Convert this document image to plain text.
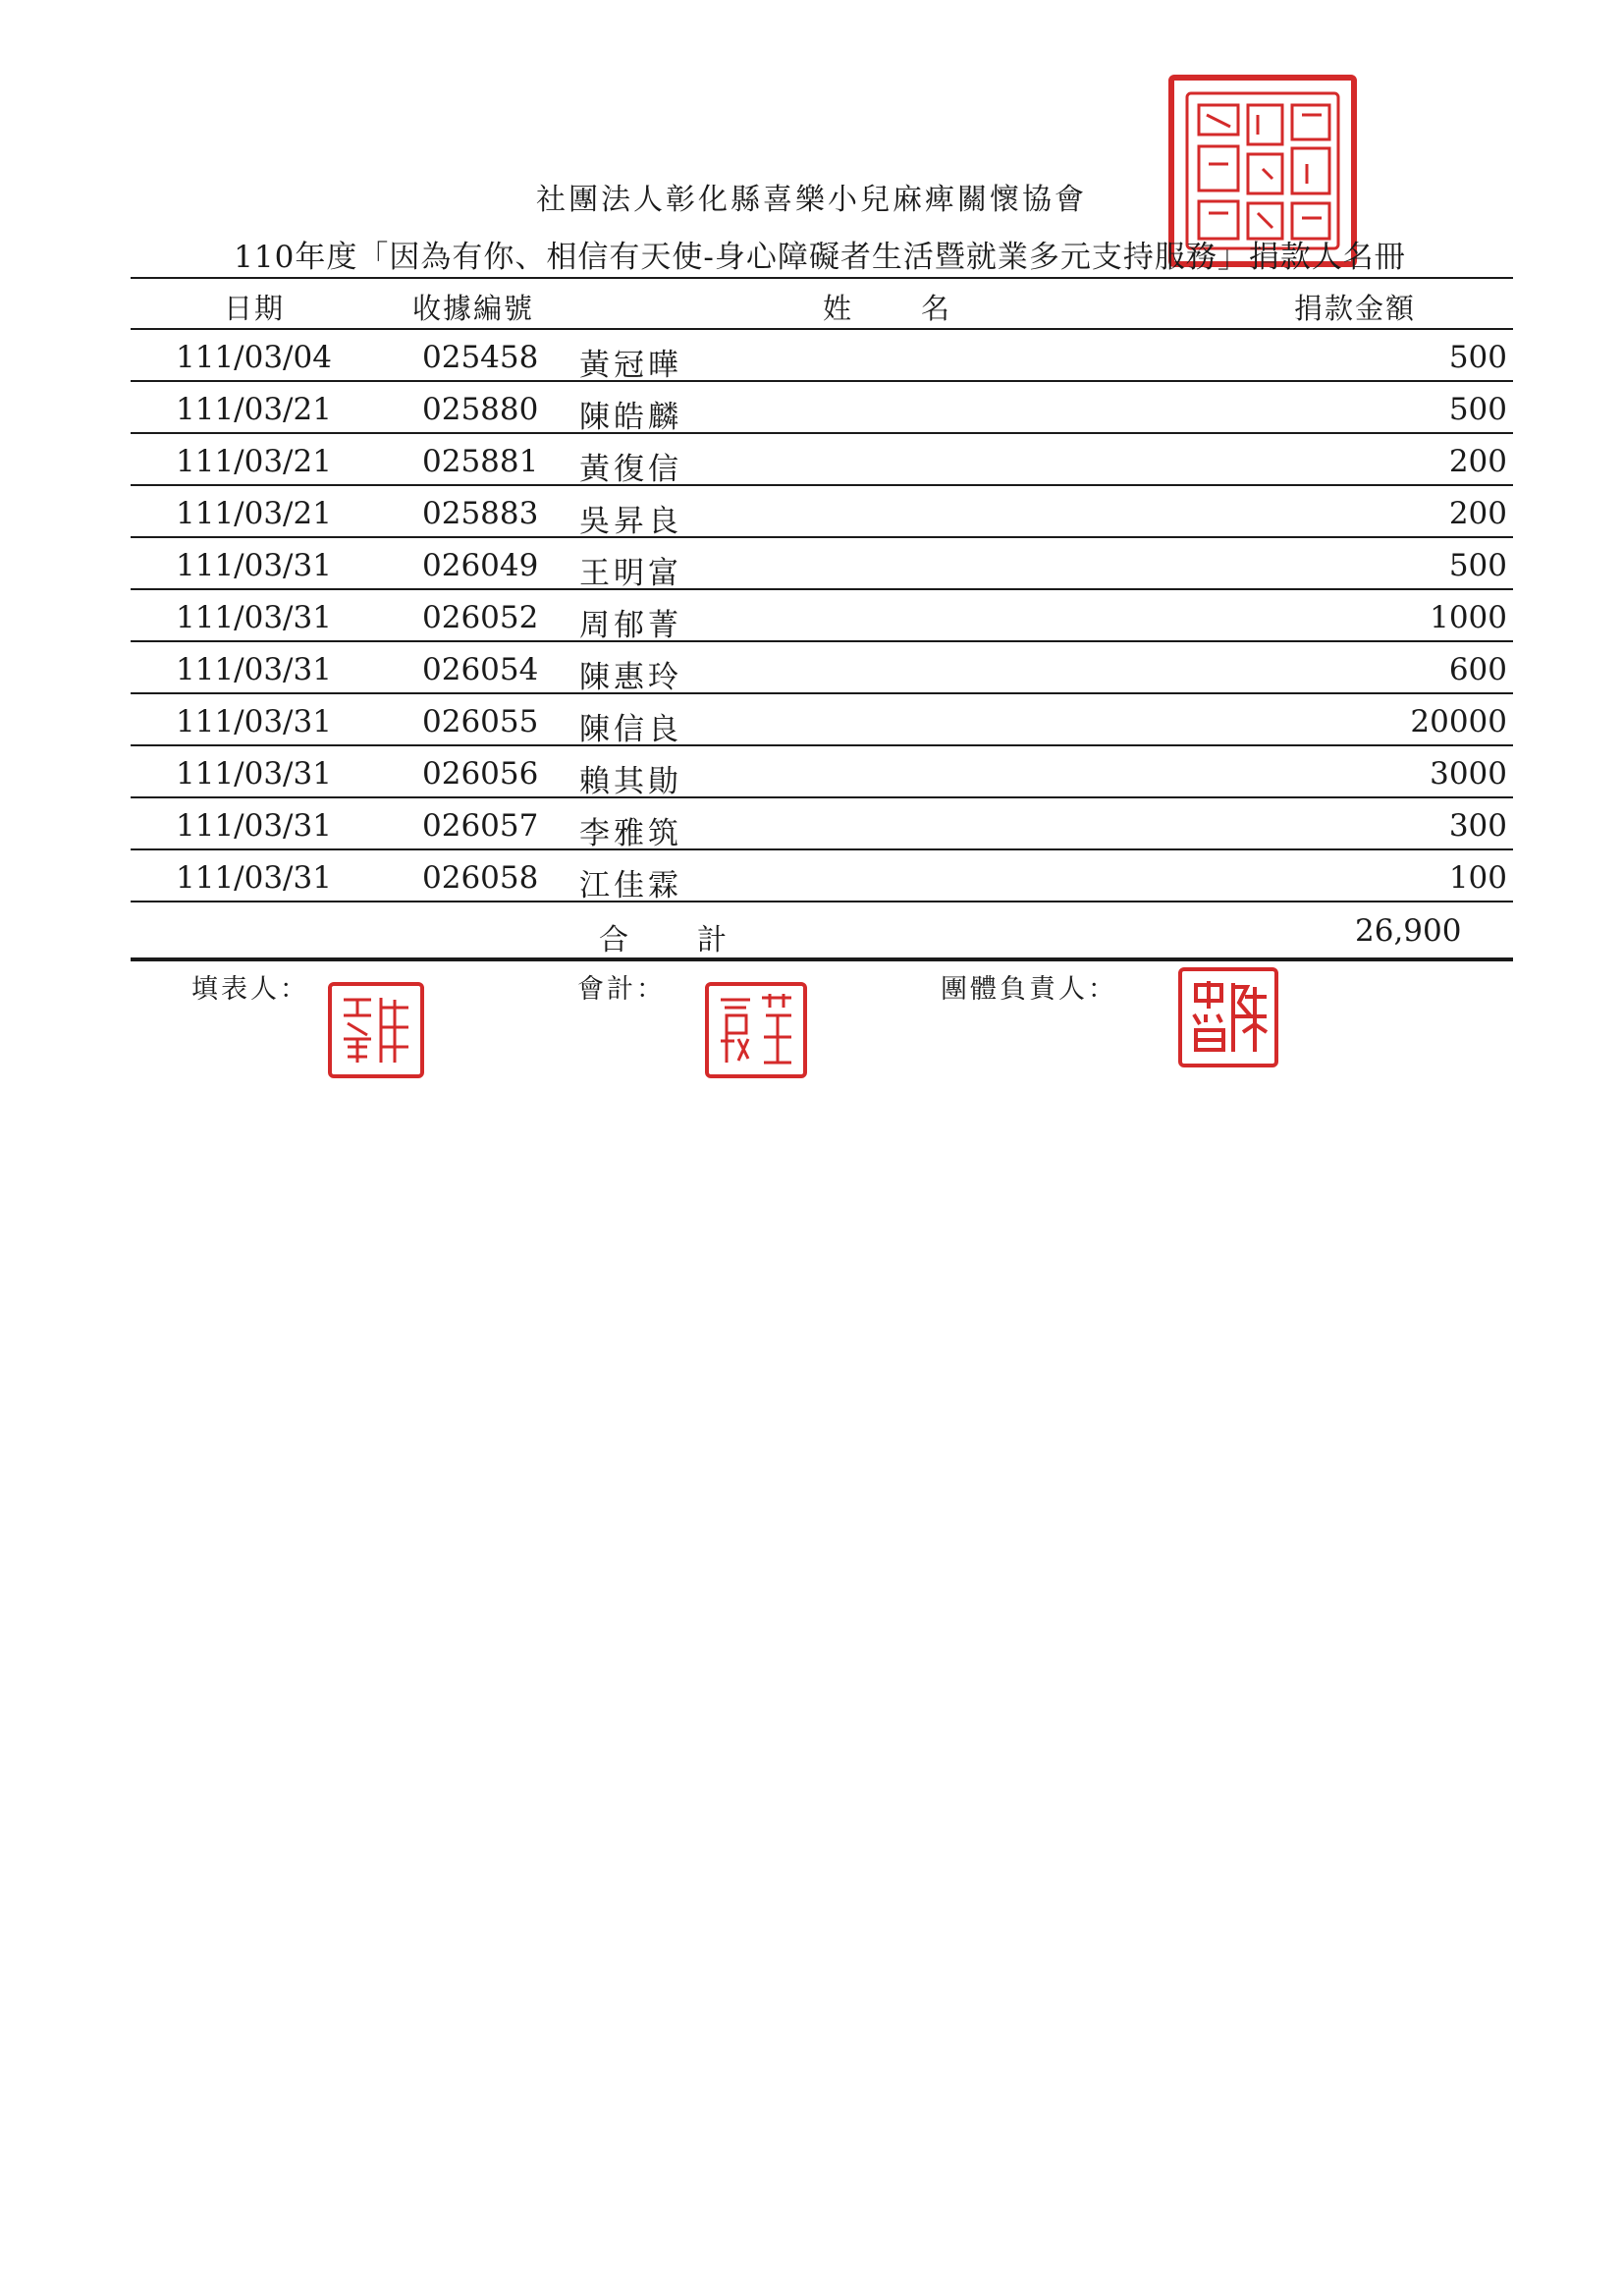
社團法人彰化縣喜樂小兒麻痺關懷協會
110年度「因為有你、相信有天使-身心障礙者生活暨就業多元支持服務」捐款人名冊
日期	收據編號	姓 名	捐款金額
111/03/04	025458 黃冠曄	500
111/03/21	025880 陳皓麟	500
111/03/21	025881 黃復信	200
111/03/21	025883 吳昇良	200
111/03/31	026049 王明富	500
111/03/31	026052 周郁菁	1000
111/03/31	026054 陳惠玲	600
111/03/31	026055 陳信良	20000
111/03/31	026056 賴其勛	3000
111/03/31	026057 李雅筑	300
111/03/31	026058 江佳霖	100
合 計	26,900
填表人：	會計：	團體負責人：
